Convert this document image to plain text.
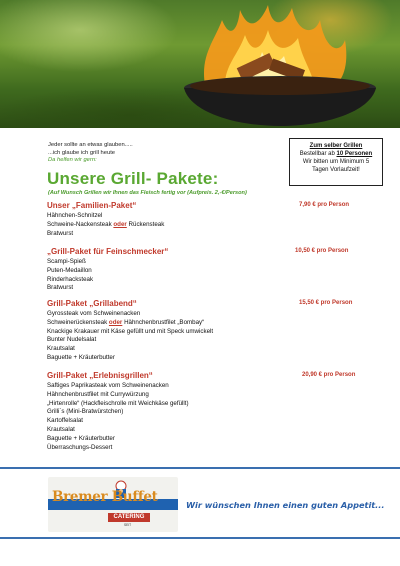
Jeder sollte an etwas glauben.....
...ich glaube ich grill heute
Da helfen wir gern:
Zum selber Grillen
Bestellbar ab 10 Personen
Wir bitten um Minimum 5
Tagen Vorlaufzeit!
Unsere Grill- Pakete:
(Auf Wunsch Grillen wir Ihnen das Fleisch fertig vor (Aufpreis. 2,-€/Person)
Unser „Familien-Paket“	7,90 € pro Person
Hähnchen-Schnitzel
Schweine-Nackensteak oder Rückensteak
Bratwurst
„Grill-Paket für Feinschmecker“	10,50 € pro Person
Scampi-Spieß
Puten-Medaillon
Rinderhacksteak
Bratwurst
Grill-Paket „Grillabend“	15,50 € pro Person
Gyrossteak vom Schweinenacken
Schweinerückensteak oder Hähnchenbrustfilet „Bombay“
Knackige Krakauer mit Käse gefüllt und mit Speck umwickelt
Bunter Nudelsalat
Krautsalat
Baguette + Kräuterbutter
Grill-Paket „Erlebnisgrillen“	20,90 € pro Person
Saftiges Paprikasteak vom Schweinenacken
Hähnchenbrustfilet mit Currywürzung
„Hirtenrolle“ (Hackfleischrolle mit Weichkäse gefüllt)
Grilli´s (Mini-Bratwürstchen)
Kartoffelsalat
Krautsalat
Baguette + Kräuterbutter
Überraschungs-Dessert
Bremer Buffet
CATERING
SEIT
Wir wünschen Ihnen einen guten Appetit...
